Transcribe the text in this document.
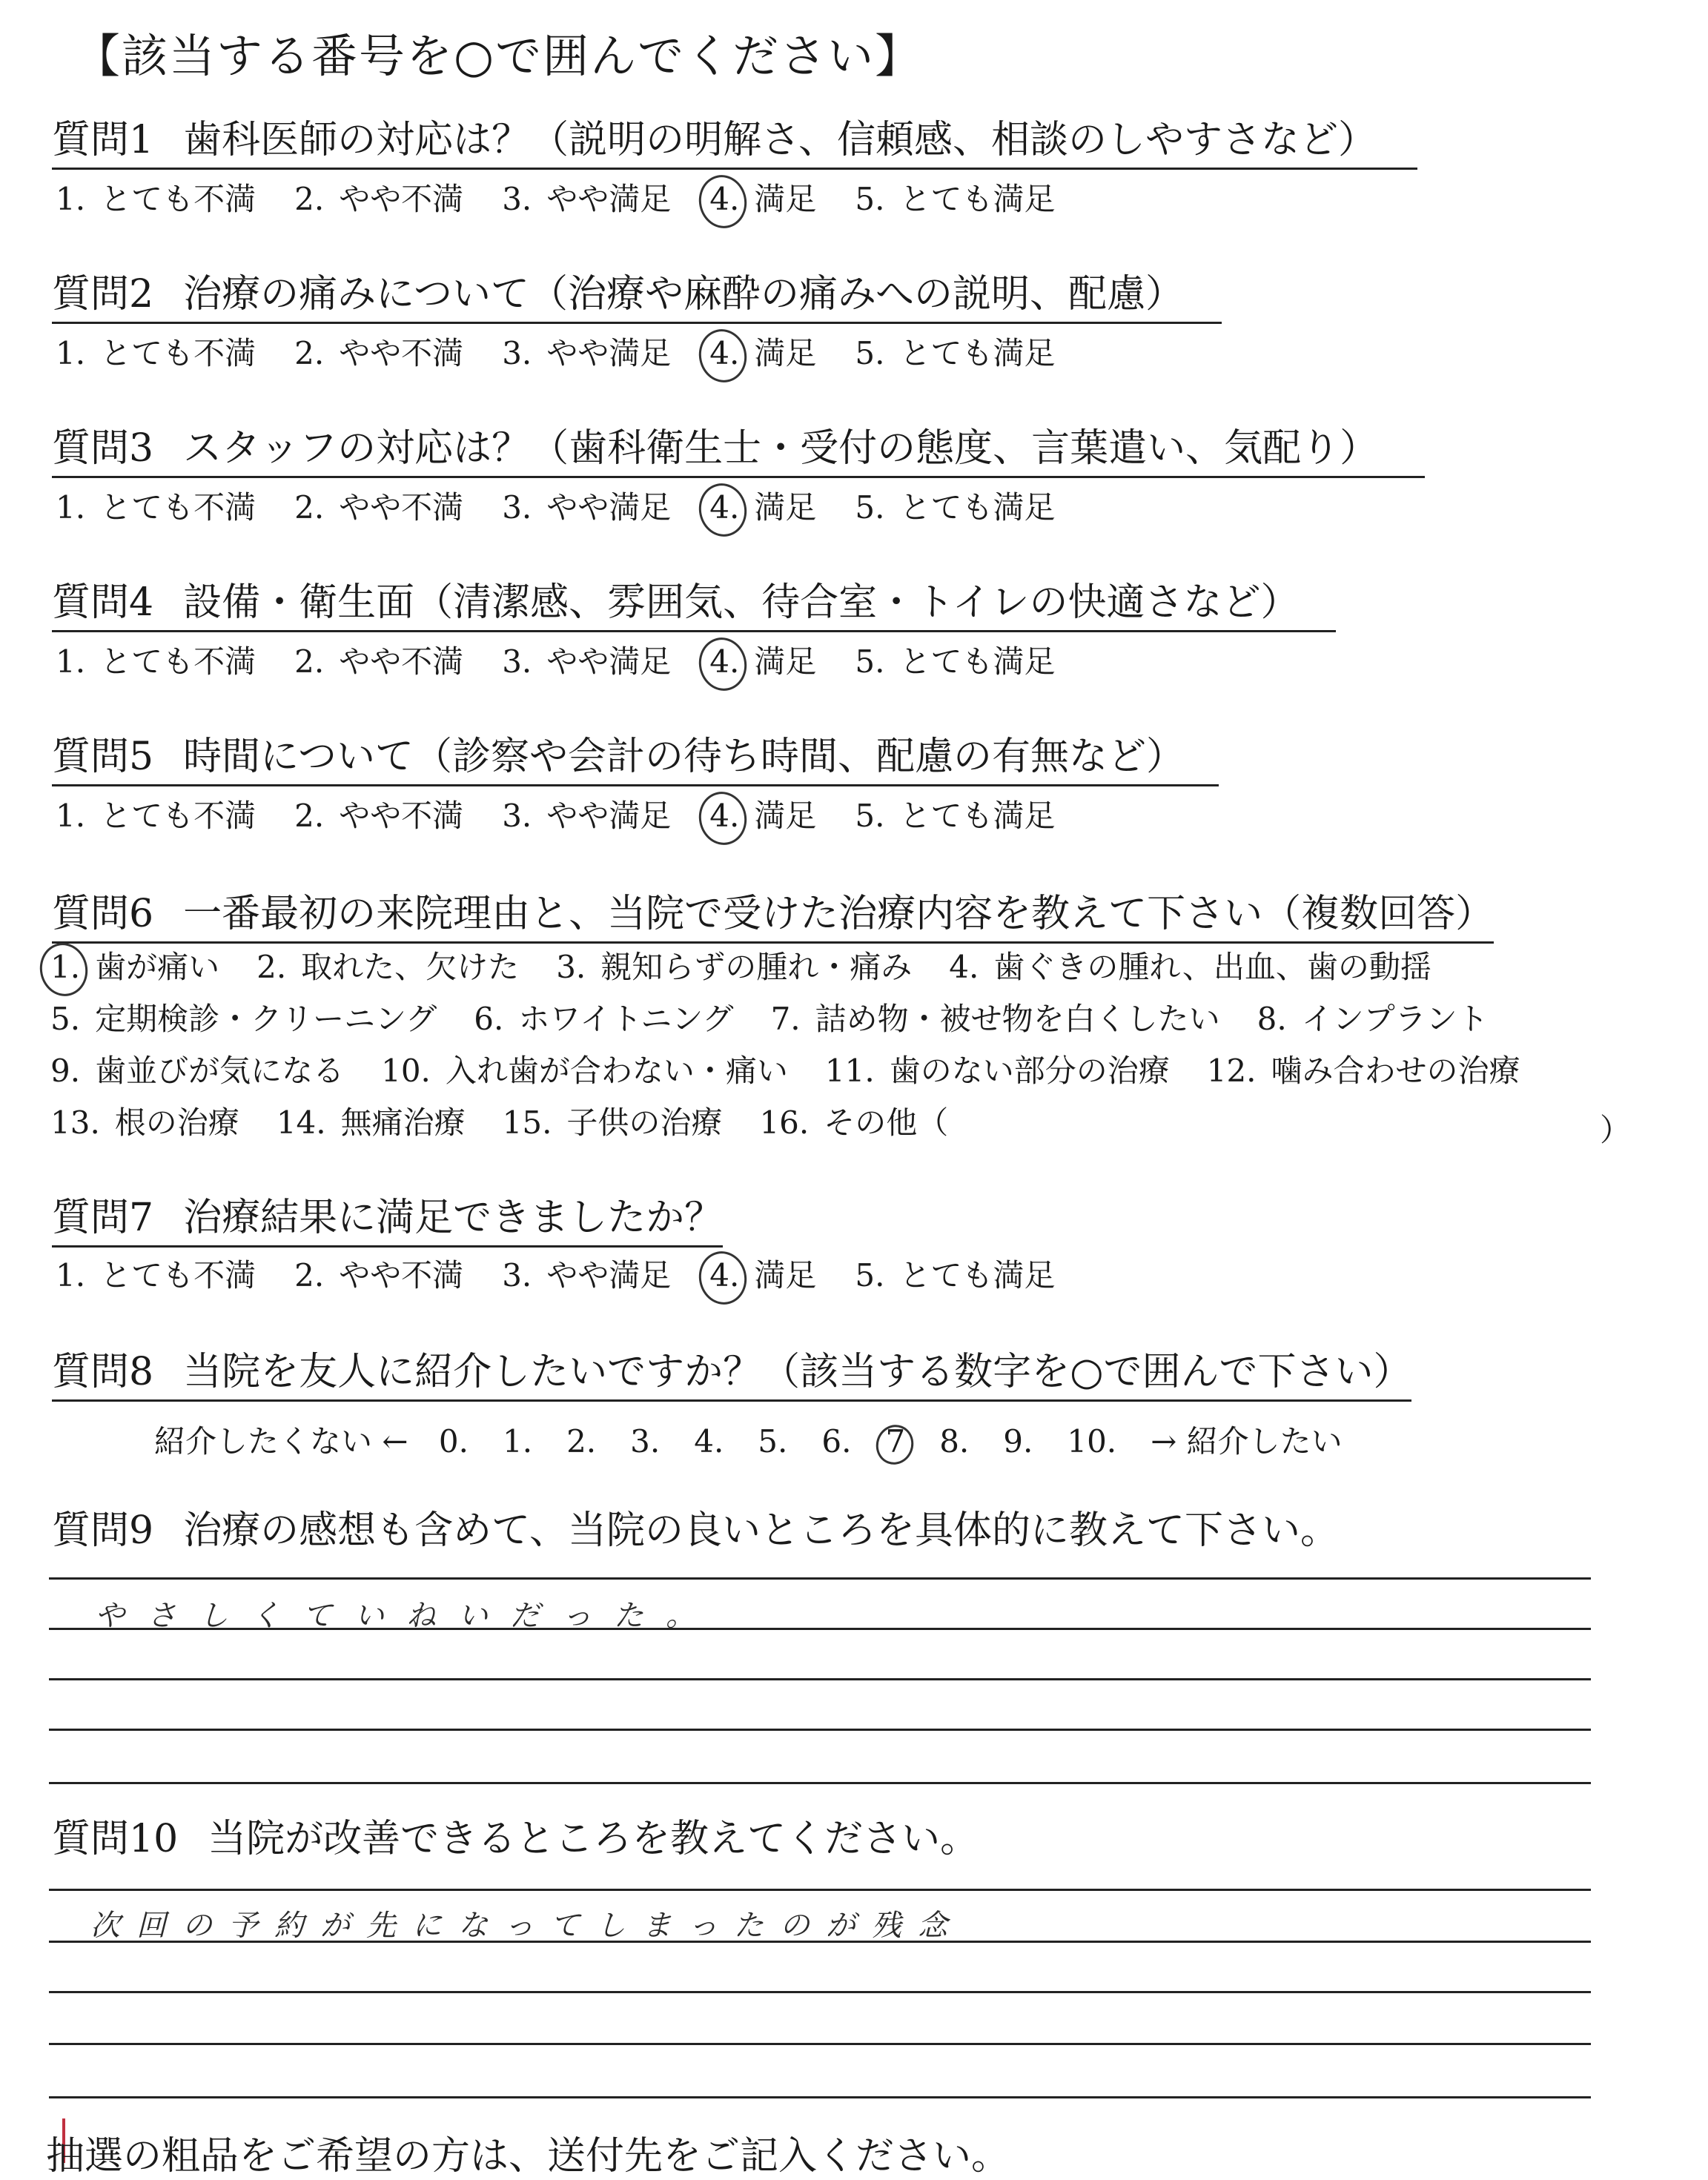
【該当する番号を○で囲んでください】
質問1 歯科医師の対応は？（説明の明解さ、信頼感、相談のしやすさなど）
1. とても不満 2. やや不満 3. やや満足 4. 満足 5. とても満足
質問2 治療の痛みについて（治療や麻酔の痛みへの説明、配慮）
1. とても不満 2. やや不満 3. やや満足 4. 満足 5. とても満足
質問3 スタッフの対応は？（歯科衛生士・受付の態度、言葉遣い、気配り）
1. とても不満 2. やや不満 3. やや満足 4. 満足 5. とても満足
質問4 設備・衛生面（清潔感、雰囲気、待合室・トイレの快適さなど）
1. とても不満 2. やや不満 3. やや満足 4. 満足 5. とても満足
質問5 時間について（診察や会計の待ち時間、配慮の有無など）
1. とても不満 2. やや不満 3. やや満足 4. 満足 5. とても満足
質問6 一番最初の来院理由と、当院で受けた治療内容を教えて下さい（複数回答）
1. 歯が痛い 2. 取れた、欠けた 3. 親知らずの腫れ・痛み 4. 歯ぐきの腫れ、出血、歯の動揺
5. 定期検診・クリーニング 6. ホワイトニング 7. 詰め物・被せ物を白くしたい 8. インプラント
9. 歯並びが気になる 10. 入れ歯が合わない・痛い 11. 歯のない部分の治療 12. 噛み合わせの治療
13. 根の治療 14. 無痛治療 15. 子供の治療 16. その他（	）
質問7 治療結果に満足できましたか？
1. とても不満 2. やや不満 3. やや満足 4. 満足 5. とても満足
質問8 当院を友人に紹介したいですか？（該当する数字を○で囲んで下さい）
紹介したくない ← 0. 1. 2. 3. 4. 5. 6. 7 8. 9. 10. → 紹介したい
質問9 治療の感想も含めて、当院の良いところを具体的に教えて下さい。
やさしくていねいだった。
質問10 当院が改善できるところを教えてください。
次回の予約が先になってしまったのが残念
抽選の粗品をご希望の方は、送付先をご記入ください。
